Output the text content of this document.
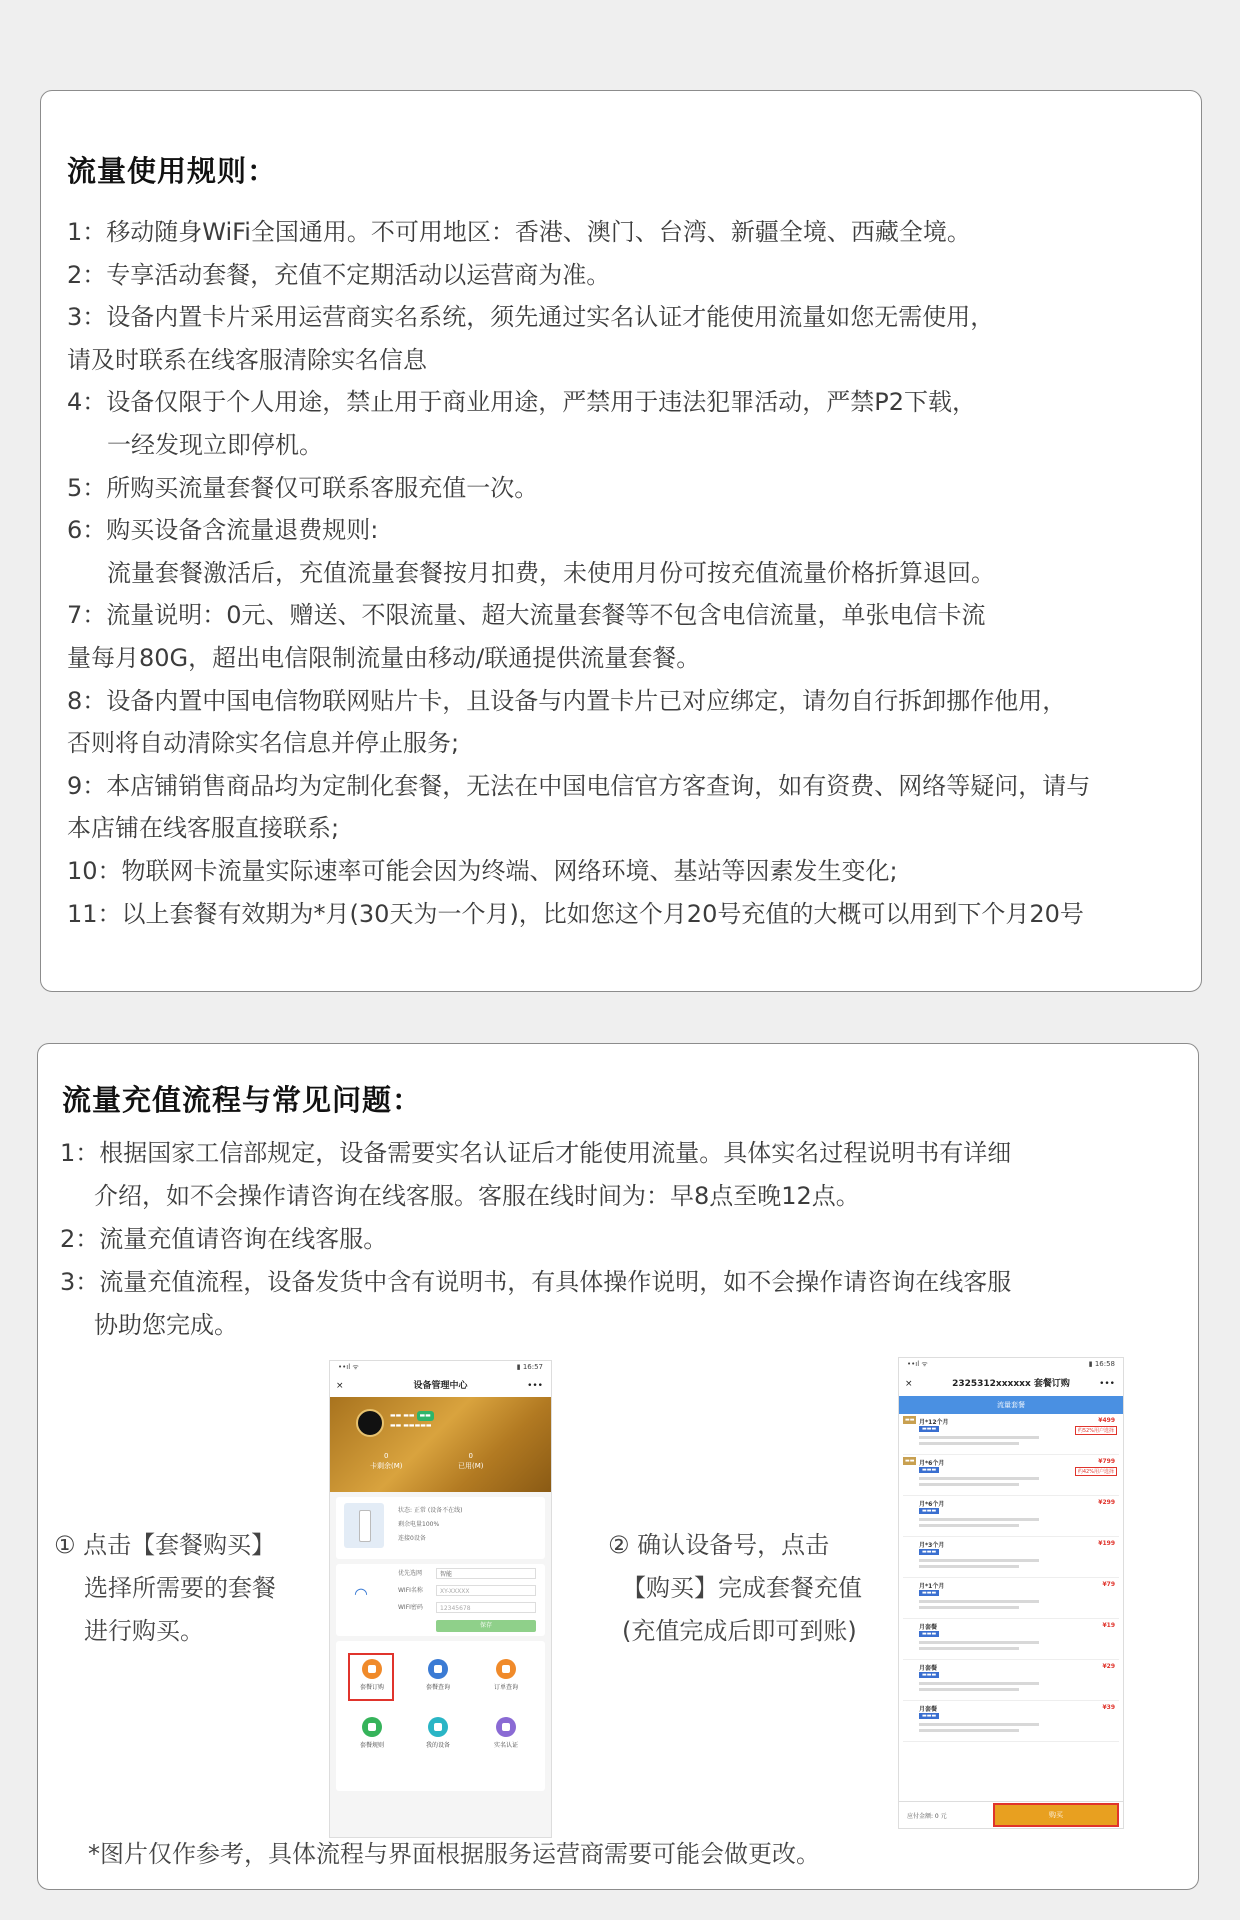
流量使用规则：
1：移动随身WiFi全国通用。不可用地区：香港、澳门、台湾、新疆全境、西藏全境。
2：专享活动套餐，充值不定期活动以运营商为准。
3：设备内置卡片采用运营商实名系统，须先通过实名认证才能使用流量如您无需使用，
请及时联系在线客服清除实名信息
4：设备仅限于个人用途，禁止用于商业用途，严禁用于违法犯罪活动，严禁P2下载，
一经发现立即停机。
5：所购买流量套餐仅可联系客服充值一次。
6：购买设备含流量退费规则:
流量套餐激活后，充值流量套餐按月扣费，未使用月份可按充值流量价格折算退回。
7：流量说明：0元、赠送、不限流量、超大流量套餐等不包含电信流量，单张电信卡流
量每月80G，超出电信限制流量由移动/联通提供流量套餐。
8：设备内置中国电信物联网贴片卡，且设备与内置卡片已对应绑定，请勿自行拆卸挪作他用，
否则将自动清除实名信息并停止服务;
9：本店铺销售商品均为定制化套餐，无法在中国电信官方客查询，如有资费、网络等疑问，请与
本店铺在线客服直接联系;
10：物联网卡流量实际速率可能会因为终端、网络环境、基站等因素发生变化;
11：以上套餐有效期为*月(30天为一个月)，比如您这个月20号充值的大概可以用到下个月20号
流量充值流程与常见问题：
1：根据国家工信部规定，设备需要实名认证后才能使用流量。具体实名过程说明书有详细
介绍，如不会操作请咨询在线客服。客服在线时间为：早8点至晚12点。
2：流量充值请咨询在线客服。
3：流量充值流程，设备发货中含有说明书，有具体操作说明，如不会操作请咨询在线客服
协助您完成。
① 点击【套餐购买】
选择所需要的套餐
进行购买。
② 确认设备号，点击
【购买】完成套餐充值
(充值完成后即可到账)
••ıl ᯤ	▮ 16:57
×	设备管理中心	•••
▬▬ ▬▬ ▬▬
▬▬ ▬▬▬▬▬
0
卡剩余(M)
0
已用(M)
状态: 正常 (设备不在线)
剩余电量100%
连接0设备
◠
优先选网	智能
WIFI名称	XY-XXXXX
WIFI密码	12345678
保存
套餐订购	套餐查询	订单查询
套餐规则	我的设备	实名认证
••ıl ᯤ	▮ 16:58
×	2325312xxxxxx 套餐订购	•••
流量套餐
▬▬ 月*12个月
▬▬▬
¥499
约52%用户选择
▬▬ 月*6个月
▬▬▬
¥799
约42%用户选择
月*6个月
▬▬▬
¥299
月*3个月
▬▬▬
¥199
月*1个月
▬▬▬
¥79
月套餐
▬▬▬
¥19
月套餐
▬▬▬
¥29
月套餐
▬▬▬
¥39
应付金额: 0 元	购买
*图片仅作参考，具体流程与界面根据服务运营商需要可能会做更改。
